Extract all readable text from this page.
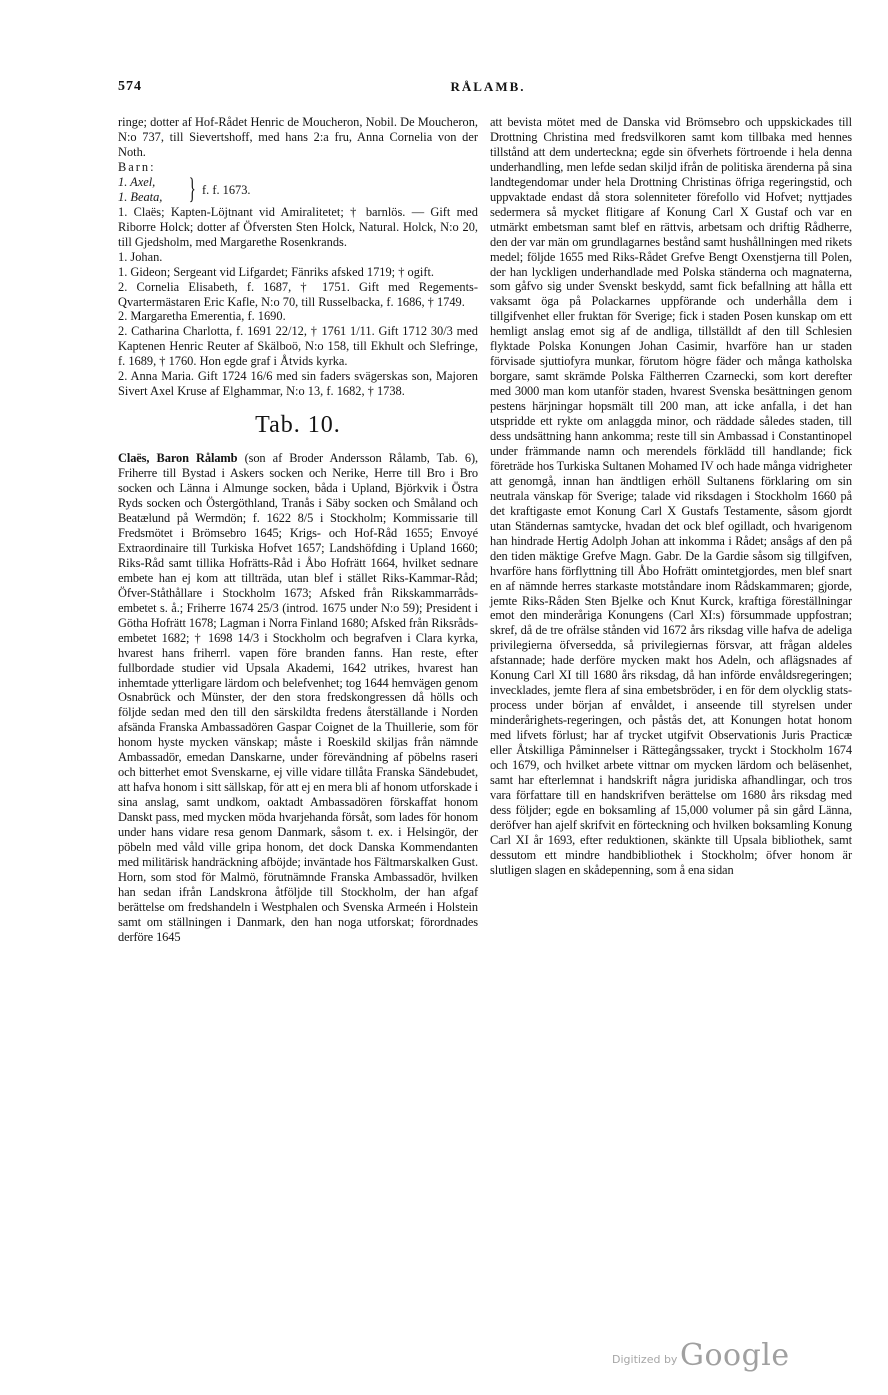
574	RÅLAMB.

ringe; dotter af Hof-Rådet Henric de Moucheron, Nobil. De Moucheron, N:o 737, till Sievertshoff, med hans 2:a fru, Anna Cornelia von der Noth.

Barn:

1. Axel,
1. Beata, } f. f. 1673.

1. Claës; Kapten-Löjtnant vid Amiralitetet; † barnlös. — Gift med Riborre Holck; dotter af Öfversten Sten Holck, Natural. Holck, N:o 20, till Gjedsholm, med Margarethe Rosenkrands.

1. Johan.

1. Gideon; Sergeant vid Lifgardet; Fänriks afsked 1719; † ogift.

2. Cornelia Elisabeth, f. 1687, † 1751. Gift med Regements-Qvartermästaren Eric Kafle, N:o 70, till Russelbacka, f. 1686, † 1749.

2. Margaretha Emerentia, f. 1690.

2. Catharina Charlotta, f. 1691 22/12, † 1761 1/11. Gift 1712 30/3 med Kaptenen Henric Reuter af Skälboö, N:o 158, till Ekhult och Slefringe, f. 1689, † 1760. Hon egde graf i Åtvids kyrka.

2. Anna Maria. Gift 1724 16/6 med sin faders svägerskas son, Majoren Sivert Axel Kruse af Elghammar, N:o 13, f. 1682, † 1738.

Tab. 10.

Claës, Baron Rålamb (son af Broder Andersson Rålamb, Tab. 6), Friherre till Bystad i Askers socken och Nerike, Herre till Bro i Bro socken och Länna i Almunge socken, båda i Upland, Björkvik i Östra Ryds socken och Östergöthland, Tranås i Säby socken och Småland och Beatælund på Wermdön; f. 1622 8/5 i Stockholm; Kommissarie till Fredsmötet i Brömsebro 1645; Krigs- och Hof-Råd 1655; Envoyé Extraordinaire till Turkiska Hofvet 1657; Landshöfding i Upland 1660; Riks-Råd samt tillika Hofrätts-Råd i Åbo Hofrätt 1664, hvilket sednare embete han ej kom att tillträda, utan blef i stället Riks-Kammar-Råd; Öfver-Ståthållare i Stockholm 1673; Afsked från Rikskammarråds-embetet s. å.; Friherre 1674 25/3 (introd. 1675 under N:o 59); President i Götha Hofrätt 1678; Lagman i Norra Finland 1680; Afsked från Riksråds-embetet 1682; † 1698 14/3 i Stockholm och begrafven i Clara kyrka, hvarest hans friherrl. vapen före branden fanns. Han reste, efter fullbordade studier vid Upsala Akademi, 1642 utrikes, hvarest han inhemtade ytterligare lärdom och belefvenhet; tog 1644 hemvägen genom Osnabrück och Münster, der den stora fredskongressen då hölls och följde sedan med den till den särskildta fredens återställande i Norden afsända Franska Ambassadören Gaspar Coignet de la Thuillerie, som för honom hyste mycken vänskap; måste i Roeskild skiljas från nämnde Ambassadör, emedan Danskarne, under förevändning af pöbelns raseri och bitterhet emot Svenskarne, ej ville vidare tillåta Franska Sändebudet, att hafva honom i sitt sällskap, för att ej en mera bli af honom utforskade i sina anslag, samt undkom, oaktadt Ambassadören förskaffat honom Danskt pass, med mycken möda hvarjehanda försåt, som lades för honom under hans vidare resa genom Danmark, såsom t. ex. i Helsingör, der pöbeln med våld ville gripa honom, det dock Danska Kommendanten med militärisk handräckning afböjde; inväntade hos Fältmarskalken Gust. Horn, som stod för Malmö, förutnämnde Franska Ambassadör, hvilken han sedan ifrån Landskrona åtföljde till Stockholm, der han afgaf berättelse om fredshandeln i Westphalen och Svenska Armeén i Holstein samt om ställningen i Danmark, den han noga utforskat; förordnades derföre 1645

att bevista mötet med de Danska vid Brömsebro och uppskickades till Drottning Christina med fredsvilkoren samt kom tillbaka med hennes tillstånd att dem underteckna; egde sin öfverhets förtroende i hela denna underhandling, men lefde sedan skiljd ifrån de politiska ärenderna på sina landtegendomar under hela Drottning Christinas öfriga regeringstid, och uppvaktade endast då stora solenniteter förefollo vid Hofvet; nyttjades sedermera så mycket flitigare af Konung Carl X Gustaf och var en utmärkt embetsman samt blef en rättvis, arbetsam och driftig Rådherre, den der var män om grundlagarnes bestånd samt hushållningen med rikets medel; följde 1655 med Riks-Rådet Grefve Bengt Oxenstjerna till Polen, der han lyckligen underhandlade med Polska ständerna och magnaterna, som gåfvo sig under Svenskt beskydd, samt fick befallning att hålla ett vaksamt öga på Polackarnes uppförande och underhålla dem i tillgifvenhet eller fruktan för Sverige; fick i staden Posen kunskap om ett hemligt anslag emot sig af de andliga, tillställdt af den till Schlesien flyktade Polska Konungen Johan Casimir, hvarföre han ur staden förvisade sjuttiofyra munkar, förutom högre fäder och många katholska borgare, samt skrämde Polska Fältherren Czarnecki, som kort derefter med 3000 man kom utanför staden, hvarest Svenska besättningen genom pestens härjningar hopsmält till 200 man, att icke anfalla, i det han utspridde ett rykte om anlaggda minor, och räddade således staden, till dess undsättning hann ankomma; reste till sin Ambassad i Constantinopel under främmande namn och merendels förklädd till handlande; fick företräde hos Turkiska Sultanen Mohamed IV och hade många vidrigheter att genomgå, innan han ändtligen erhöll Sultanens förklaring om sin neutrala vänskap för Sverige; talade vid riksdagen i Stockholm 1660 på det kraftigaste emot Konung Carl X Gustafs Testamente, såsom gjordt utan Ständernas samtycke, hvadan det ock blef ogilladt, och hvarigenom han hindrade Hertig Adolph Johan att inkomma i Rådet; ansågs af den på den tiden mäktige Grefve Magn. Gabr. De la Gardie såsom sig tillgifven, hvarföre hans förflyttning till Åbo Hofrätt omintetgjordes, men blef snart en af nämnde herres starkaste motståndare inom Rådskammaren; gjorde, jemte Riks-Råden Sten Bjelke och Knut Kurck, kraftiga föreställningar emot den minderåriga Konungens (Carl XI:s) försummade uppfostran; skref, då de tre ofrälse stånden vid 1672 års riksdag ville hafva de adeliga privilegierna öfversedda, så privilegiernas försvar, att frågan aldeles afstannade; hade derföre mycken makt hos Adeln, och aflägsnades af Konung Carl XI till 1680 års riksdag, då han införde envåldsregeringen; invecklades, jemte flera af sina embetsbröder, i en för dem olycklig stats-process under början af envåldet, i anseende till styrelsen under minderårighets-regeringen, och påstås det, att Konungen hotat honom med lifvets förlust; har af trycket utgifvit Observationis Juris Practicæ eller Åtskilliga Påminnelser i Rättegångssaker, tryckt i Stockholm 1674 och 1679, och hvilket arbete vittnar om mycken lärdom och beläsenhet, samt har efterlemnat i handskrift några juridiska afhandlingar, och tros vara författare till en handskrifven berättelse om 1680 års riksdag med dess följder; egde en boksamling af 15,000 volumer på sin gård Länna, deröfver han ajelf skrifvit en förteckning och hvilken boksamling Konung Carl XI år 1693, efter reduktionen, skänkte till Upsala bibliothek, samt dessutom ett mindre handbibliothek i Stockholm; öfver honom är slutligen slagen en skådepenning, som å ena sidan

Digitized by Google
